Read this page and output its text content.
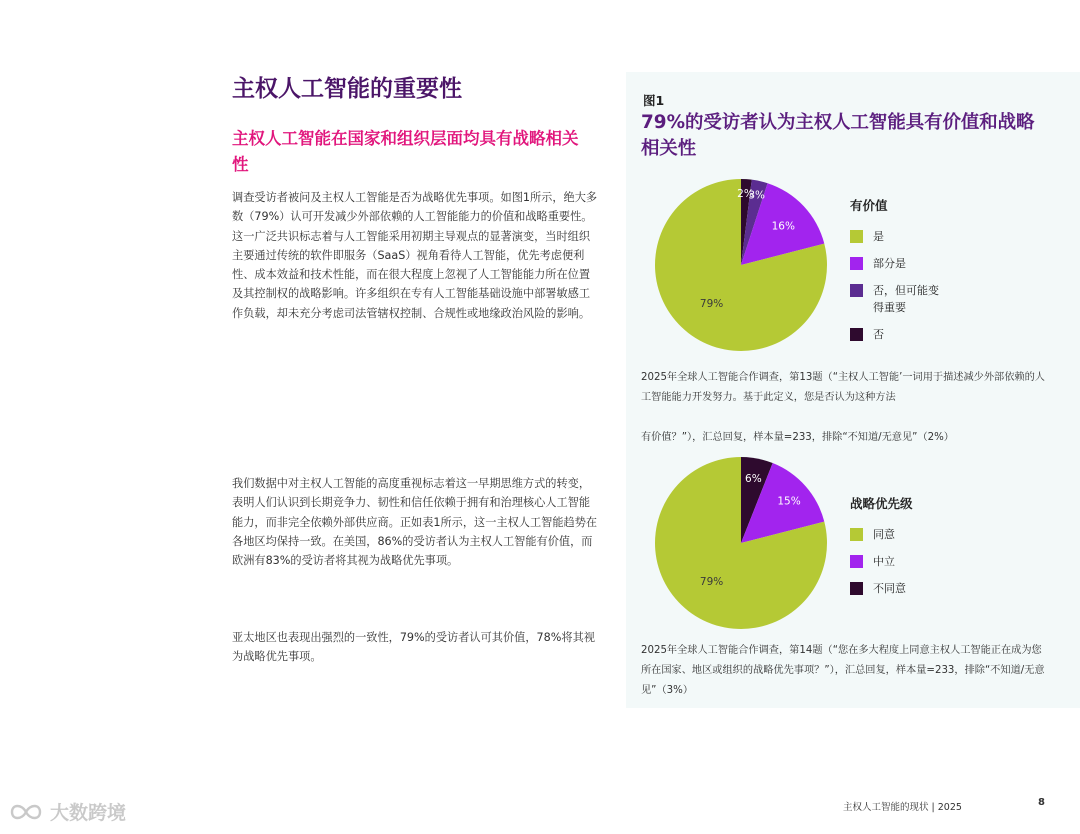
主权人工智能的重要性
主权人工智能在国家和组织层面均具有战略相关性

调查受访者被问及主权人工智能是否为战略优先事项。如图1所示，绝大多数（79%）认可开发减少外部依赖的人工智能能力的价值和战略重要性。这一广泛共识标志着与人工智能采用初期主导观点的显著演变，当时组织主要通过传统的软件即服务（SaaS）视角看待人工智能，优先考虑便利性、成本效益和技术性能，而在很大程度上忽视了人工智能能力所在位置及其控制权的战略影响。许多组织在专有人工智能基础设施中部署敏感工作负载，却未充分考虑司法管辖权控制、合规性或地缘政治风险的影响。

我们数据中对主权人工智能的高度重视标志着这一早期思维方式的转变，表明人们认识到长期竞争力、韧性和信任依赖于拥有和治理核心人工智能能力，而非完全依赖外部供应商。正如表1所示，这一主权人工智能趋势在各地区均保持一致。在美国，86%的受访者认为主权人工智能有价值，而欧洲有83%的受访者将其视为战略优先事项。

亚太地区也表现出强烈的一致性，79%的受访者认可其价值，78%将其视为战略优先事项。

图1

79%的受访者认为主权人工智能具有价值和战略相关性

2%
3%
16%
79%

有价值

是
部分是
否，但可能变得重要
否
2025年全球人工智能合作调查，第13题（“主权人工智能’一词用于描述减少外部依赖的人工智能能力开发努力。基于此定义，您是否认为这种方法
有价值？”），汇总回复，样本量=233，排除“不知道/无意见”（2%）
6%
15%
79%

战略优先级

同意
中立
不同意

2025年全球人工智能合作调查，第14题（“您在多大程度上同意主权人工智能正在成为您所在国家、地区或组织的战略优先事项？”），汇总回复，样本量=233，排除“不知道/无意见”（3%）

主权人工智能的现状 | 2025	8
大数跨境
